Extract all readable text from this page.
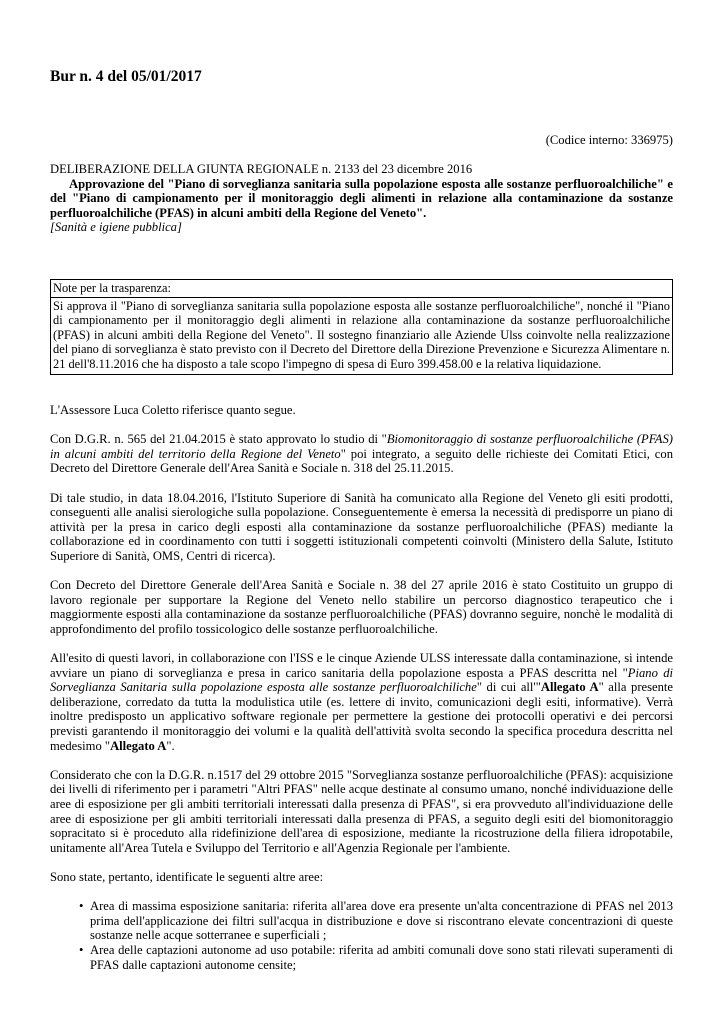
Bur n. 4 del 05/01/2017
(Codice interno: 336975)

DELIBERAZIONE DELLA GIUNTA REGIONALE n. 2133 del 23 dicembre 2016

Approvazione del "Piano di sorveglianza sanitaria sulla popolazione esposta alle sostanze perfluoroalchiliche" e del "Piano di campionamento per il monitoraggio degli alimenti in relazione alla contaminazione da sostanze perfluoroalchiliche (PFAS) in alcuni ambiti della Regione del Veneto".

[Sanità e igiene pubblica]

Note per la trasparenza:
Si approva il "Piano di sorveglianza sanitaria sulla popolazione esposta alle sostanze perfluoroalchiliche", nonché il "Piano di campionamento per il monitoraggio degli alimenti in relazione alla contaminazione da sostanze perfluoroalchiliche (PFAS) in alcuni ambiti della Regione del Veneto". Il sostegno finanziario alle Aziende Ulss coinvolte nella realizzazione del piano di sorveglianza è stato previsto con il Decreto del Direttore della Direzione Prevenzione e Sicurezza Alimentare n. 21 dell'8.11.2016 che ha disposto a tale scopo l'impegno di spesa di Euro 399.458.00 e la relativa liquidazione.

L'Assessore Luca Coletto riferisce quanto segue.

Con D.G.R. n. 565 del 21.04.2015 è stato approvato lo studio di "Biomonitoraggio di sostanze perfluoroalchiliche (PFAS) in alcuni ambiti del territorio della Regione del Veneto" poi integrato, a seguito delle richieste dei Comitati Etici, con Decreto del Direttore Generale dell'Area Sanità e Sociale n. 318 del 25.11.2015.

Di tale studio, in data 18.04.2016, l'Istituto Superiore di Sanità ha comunicato alla Regione del Veneto gli esiti prodotti, conseguenti alle analisi sierologiche sulla popolazione. Conseguentemente è emersa la necessità di predisporre un piano di attività per la presa in carico degli esposti alla contaminazione da sostanze perfluoroalchiliche (PFAS) mediante la collaborazione ed in coordinamento con tutti i soggetti istituzionali competenti coinvolti (Ministero della Salute, Istituto Superiore di Sanità, OMS, Centri di ricerca).

Con Decreto del Direttore Generale dell'Area Sanità e Sociale n. 38 del 27 aprile 2016 è stato Costituito un gruppo di lavoro regionale per supportare la Regione del Veneto nello stabilire un percorso diagnostico terapeutico che i maggiormente esposti alla contaminazione da sostanze perfluoroalchiliche (PFAS) dovranno seguire, nonchè le modalità di approfondimento del profilo tossicologico delle sostanze perfluoroalchiliche.

All'esito di questi lavori, in collaborazione con l'ISS e le cinque Aziende ULSS interessate dalla contaminazione, si intende avviare un piano di sorveglianza e presa in carico sanitaria della popolazione esposta a PFAS descritta nel "Piano di Sorveglianza Sanitaria sulla popolazione esposta alle sostanze perfluoroalchiliche" di cui all'"Allegato A" alla presente deliberazione, corredato da tutta la modulistica utile (es. lettere di invito, comunicazioni degli esiti, informative). Verrà inoltre predisposto un applicativo software regionale per permettere la gestione dei protocolli operativi e dei percorsi previsti garantendo il monitoraggio dei volumi e la qualità dell'attività svolta secondo la specifica procedura descritta nel medesimo "Allegato A".

Considerato che con la D.G.R. n.1517 del 29 ottobre 2015 "Sorveglianza sostanze perfluoroalchiliche (PFAS): acquisizione dei livelli di riferimento per i parametri "Altri PFAS" nelle acque destinate al consumo umano, nonché individuazione delle aree di esposizione per gli ambiti territoriali interessati dalla presenza di PFAS", si era provveduto all'individuazione delle aree di esposizione per gli ambiti territoriali interessati dalla presenza di PFAS, a seguito degli esiti del biomonitoraggio sopracitato si è proceduto alla ridefinizione dell'area di esposizione, mediante la ricostruzione della filiera idropotabile, unitamente all'Area Tutela e Sviluppo del Territorio e all'Agenzia Regionale per l'ambiente.

Sono state, pertanto, identificate le seguenti altre aree:

• Area di massima esposizione sanitaria: riferita all'area dove era presente un'alta concentrazione di PFAS nel 2013 prima dell'applicazione dei filtri sull'acqua in distribuzione e dove si riscontrano elevate concentrazioni di queste sostanze nelle acque sotterranee e superficiali ;
• Area delle captazioni autonome ad uso potabile: riferita ad ambiti comunali dove sono stati rilevati superamenti di PFAS dalle captazioni autonome censite;
